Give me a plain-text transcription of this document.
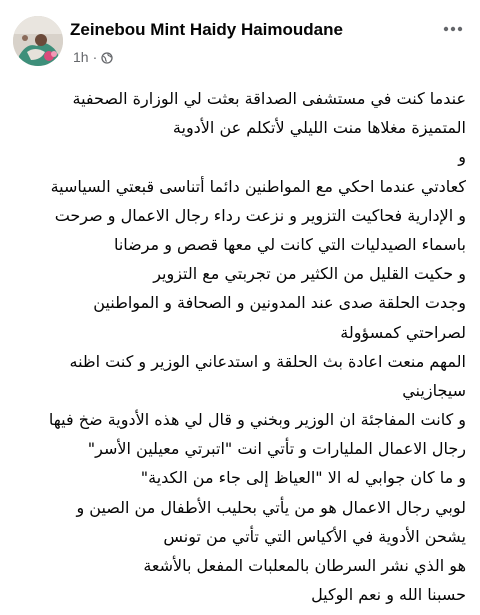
Zeinebou Mint Haidy Haimoudane
1h ·
عندما كنت في مستشفى الصداقة بعثت لي الوزارة الصحفية
المتميزة مغلاها منت الليلي لأتكلم عن الأدوية
و
كعادتي عندما احكي مع المواطنين دائما أتناسى قبعتي السياسية
و الإدارية فحاكيت التزوير و نزعت رداء رجال الاعمال و صرحت
باسماء الصيدليات التي كانت لي معها قصص و مرضانا
و حكيت القليل من الكثير من تجربتي مع التزوير
وجدت الحلقة صدى عند المدونين و الصحافة و المواطنين
لصراحتي كمسؤولة
المهم منعت اعادة بث الحلقة و استدعاني الوزير و كنت اظنه
سيجازيني
و كانت المفاجئة ان الوزير وبخني و قال لي هذه الأدوية ضخ فيها
رجال الاعمال المليارات و تأتي انت "اتبرتي معيلين الأسر"
و ما كان جوابي له الا "العياظ إلى جاء من الكدية"
لوبي رجال الاعمال هو من يأتي بحليب الأطفال من الصين و
يشحن الأدوية في الأكياس التي تأتي من تونس
هو الذي نشر السرطان بالمعلبات المفعل بالأشعة
حسبنا الله و نعم الوكيل
